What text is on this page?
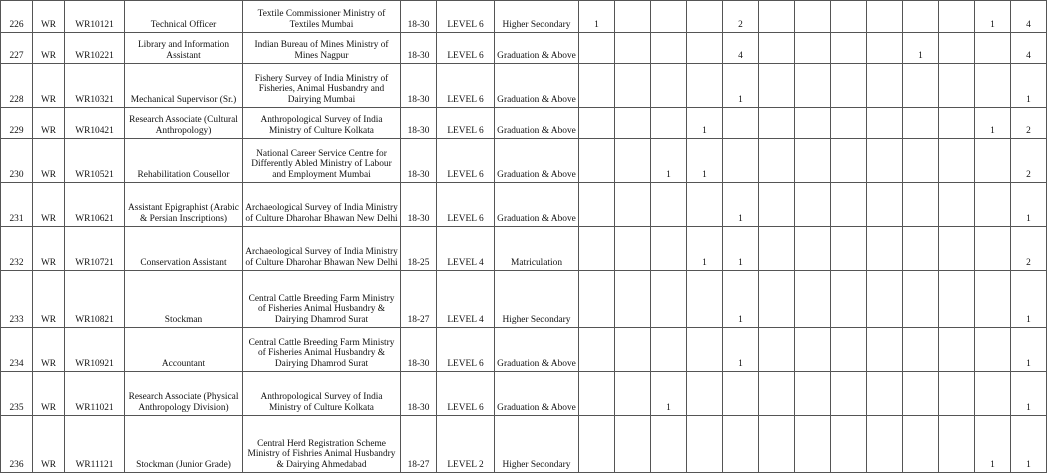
226	WR	WR10121	Technical Officer	Textile Commissioner Ministry of Textiles Mumbai	18-30	LEVEL 6	Higher Secondary	1				2							1	4
227	WR	WR10221	Library and Information Assistant	Indian Bureau of Mines Ministry of Mines Nagpur	18-30	LEVEL 6	Graduation & Above					4					1			4
228	WR	WR10321	Mechanical Supervisor (Sr.)	Fishery Survey of India Ministry of Fisheries, Animal Husbandry and Dairying Mumbai	18-30	LEVEL 6	Graduation & Above					1								1
229	WR	WR10421	Research Associate (Cultural Anthropology)	Anthropological Survey of India Ministry of Culture Kolkata	18-30	LEVEL 6	Graduation & Above				1								1	2
230	WR	WR10521	Rehabilitation Cousellor	National Career Service Centre for Differently Abled Ministry of Labour and Employment Mumbai	18-30	LEVEL 6	Graduation & Above			1	1									2
231	WR	WR10621	Assistant Epigraphist (Arabic & Persian Inscriptions)	Archaeological Survey of India Ministry of Culture Dharohar Bhawan New Delhi	18-30	LEVEL 6	Graduation & Above					1								1
232	WR	WR10721	Conservation Assistant	Archaeological Survey of India Ministry of Culture Dharohar Bhawan New Delhi	18-25	LEVEL 4	Matriculation				1	1								2
233	WR	WR10821	Stockman	Central Cattle Breeding Farm Ministry of Fisheries Animal Husbandry & Dairying Dhamrod Surat	18-27	LEVEL 4	Higher Secondary					1								1
234	WR	WR10921	Accountant	Central Cattle Breeding Farm Ministry of Fisheries Animal Husbandry & Dairying Dhamrod Surat	18-30	LEVEL 6	Graduation & Above					1								1
235	WR	WR11021	Research Associate (Physical Anthropology Division)	Anthropological Survey of India Ministry of Culture Kolkata	18-30	LEVEL 6	Graduation & Above			1										1
236	WR	WR11121	Stockman (Junior Grade)	Central Herd Registration Scheme Ministry of Fishries Animal Husbandry & Dairying Ahmedabad	18-27	LEVEL 2	Higher Secondary												1	1
